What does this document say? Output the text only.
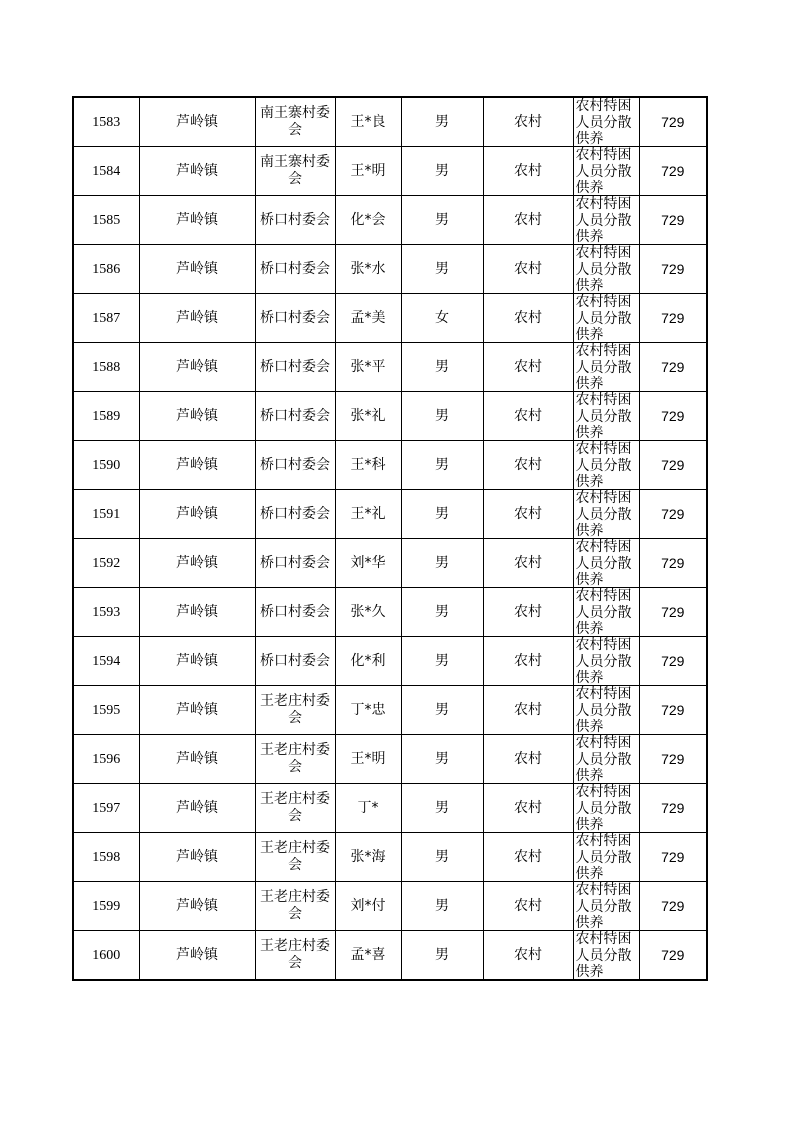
1583	芦岭镇	南王寨村委会	王*良	男	农村	农村特困人员分散供养	729
1584	芦岭镇	南王寨村委会	王*明	男	农村	农村特困人员分散供养	729
1585	芦岭镇	桥口村委会	化*会	男	农村	农村特困人员分散供养	729
1586	芦岭镇	桥口村委会	张*水	男	农村	农村特困人员分散供养	729
1587	芦岭镇	桥口村委会	孟*美	女	农村	农村特困人员分散供养	729
1588	芦岭镇	桥口村委会	张*平	男	农村	农村特困人员分散供养	729
1589	芦岭镇	桥口村委会	张*礼	男	农村	农村特困人员分散供养	729
1590	芦岭镇	桥口村委会	王*科	男	农村	农村特困人员分散供养	729
1591	芦岭镇	桥口村委会	王*礼	男	农村	农村特困人员分散供养	729
1592	芦岭镇	桥口村委会	刘*华	男	农村	农村特困人员分散供养	729
1593	芦岭镇	桥口村委会	张*久	男	农村	农村特困人员分散供养	729
1594	芦岭镇	桥口村委会	化*利	男	农村	农村特困人员分散供养	729
1595	芦岭镇	王老庄村委会	丁*忠	男	农村	农村特困人员分散供养	729
1596	芦岭镇	王老庄村委会	王*明	男	农村	农村特困人员分散供养	729
1597	芦岭镇	王老庄村委会	丁*	男	农村	农村特困人员分散供养	729
1598	芦岭镇	王老庄村委会	张*海	男	农村	农村特困人员分散供养	729
1599	芦岭镇	王老庄村委会	刘*付	男	农村	农村特困人员分散供养	729
1600	芦岭镇	王老庄村委会	孟*喜	男	农村	农村特困人员分散供养	729
